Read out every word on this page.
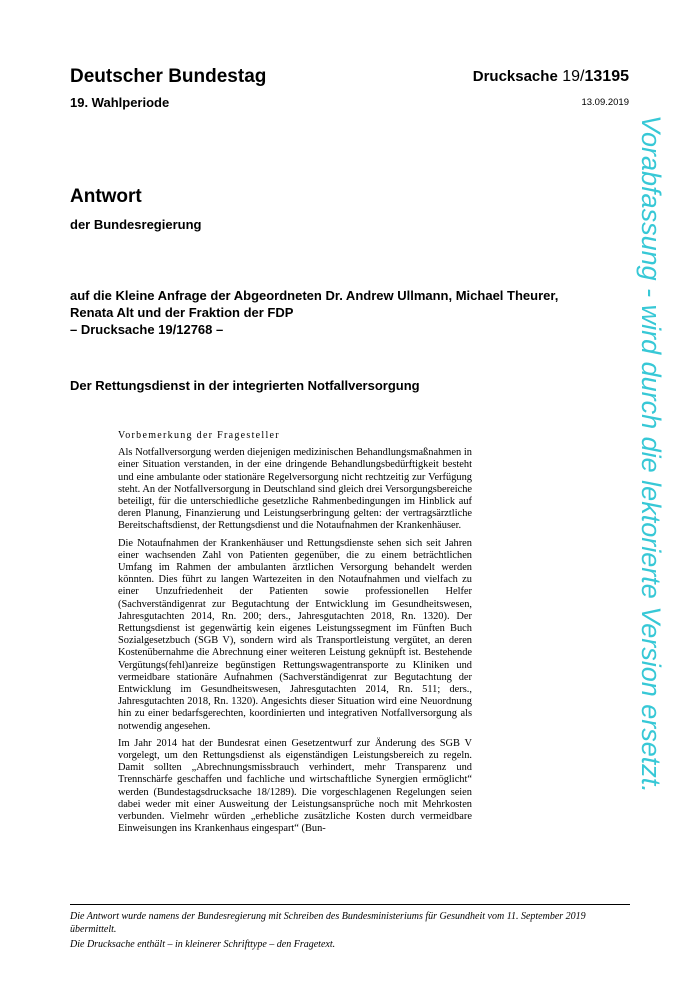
Deutscher Bundestag
19. Wahlperiode
Drucksache 19/13195
13.09.2019
Antwort
der Bundesregierung
auf die Kleine Anfrage der Abgeordneten Dr. Andrew Ullmann, Michael Theurer,
Renata Alt und der Fraktion der FDP
– Drucksache 19/12768 –
Der Rettungsdienst in der integrierten Notfallversorgung
Vorbemerkung der Fragesteller

Als Notfallversorgung werden diejenigen medizinischen Behandlungsmaßnahmen in einer Situation verstanden, in der eine dringende Behandlungsbedürftigkeit besteht und eine ambulante oder stationäre Regelversorgung nicht rechtzeitig zur Verfügung steht. An der Notfallversorgung in Deutschland sind gleich drei Versorgungsbereiche beteiligt, für die unterschiedliche gesetzliche Rahmenbedingungen im Hinblick auf deren Planung, Finanzierung und Leistungserbringung gelten: der vertragsärztliche Bereitschaftsdienst, der Rettungsdienst und die Notaufnahmen der Krankenhäuser.

Die Notaufnahmen der Krankenhäuser und Rettungsdienste sehen sich seit Jahren einer wachsenden Zahl von Patienten gegenüber, die zu einem beträchtlichen Umfang im Rahmen der ambulanten ärztlichen Versorgung behandelt werden könnten. Dies führt zu langen Wartezeiten in den Notaufnahmen und vielfach zu einer Unzufriedenheit der Patienten sowie professionellen Helfer (Sachverständigenrat zur Begutachtung der Entwicklung im Gesundheitswesen, Jahresgutachten 2014, Rn. 200; ders., Jahresgutachten 2018, Rn. 1320). Der Rettungsdienst ist gegenwärtig kein eigenes Leistungssegment im Fünften Buch Sozialgesetzbuch (SGB V), sondern wird als Transportleistung vergütet, an deren Kostenübernahme die Abrechnung einer weiteren Leistung geknüpft ist. Bestehende Vergütungs(fehl)anreize begünstigen Rettungswagentransporte zu Kliniken und vermeidbare stationäre Aufnahmen (Sachverständigenrat zur Begutachtung der Entwicklung im Gesundheitswesen, Jahresgutachten 2014, Rn. 511; ders., Jahresgutachten 2018, Rn. 1320). Angesichts dieser Situation wird eine Neuordnung hin zu einer bedarfsgerechten, koordinierten und integrativen Notfallversorgung als notwendig angesehen.

Im Jahr 2014 hat der Bundesrat einen Gesetzentwurf zur Änderung des SGB V vorgelegt, um den Rettungsdienst als eigenständigen Leistungsbereich zu regeln. Damit sollten „Abrechnungsmissbrauch verhindert, mehr Transparenz und Trennschärfe geschaffen und fachliche und wirtschaftliche Synergien ermöglicht“ werden (Bundestagsdrucksache 18/1289). Die vorgeschlagenen Regelungen seien dabei weder mit einer Ausweitung der Leistungsansprüche noch mit Mehrkosten verbunden. Vielmehr würden „erhebliche zusätzliche Kosten durch vermeidbare Einweisungen ins Krankenhaus eingespart“ (Bun-

Die Antwort wurde namens der Bundesregierung mit Schreiben des Bundesministeriums für Gesundheit vom 11. September 2019 übermittelt.

Die Drucksache enthält – in kleinerer Schrifttype – den Fragetext.

Vorabfassung - wird durch die lektorierte Version ersetzt.
